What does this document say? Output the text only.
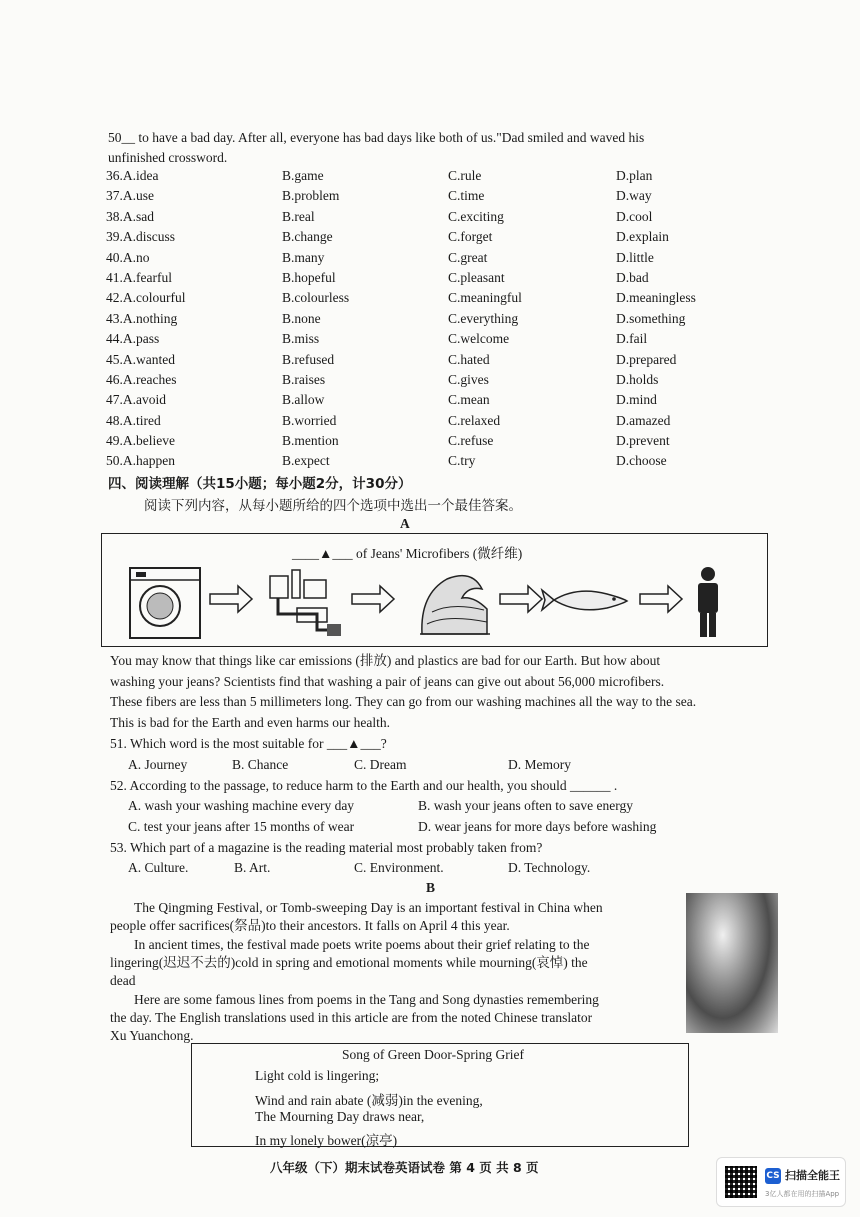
50__ to have a bad day. After all, everyone has bad days like both of us."Dad smiled and waved his
unfinished crossword.
36.A.idea	B.game	C.rule	D.plan
37.A.use	B.problem	C.time	D.way
38.A.sad	B.real	C.exciting	D.cool
39.A.discuss	B.change	C.forget	D.explain
40.A.no	B.many	C.great	D.little
41.A.fearful	B.hopeful	C.pleasant	D.bad
42.A.colourful	B.colourless	C.meaningful	D.meaningless
43.A.nothing	B.none	C.everything	D.something
44.A.pass	B.miss	C.welcome	D.fail
45.A.wanted	B.refused	C.hated	D.prepared
46.A.reaches	B.raises	C.gives	D.holds
47.A.avoid	B.allow	C.mean	D.mind
48.A.tired	B.worried	C.relaxed	D.amazed
49.A.believe	B.mention	C.refuse	D.prevent
50.A.happen	B.expect	C.try	D.choose
四、阅读理解（共15小题；每小题2分，计30分）
阅读下列内容，从每小题所给的四个选项中选出一个最佳答案。
A
____▲___ of Jeans' Microfibers (微纤维)
You may know that things like car emissions (排放) and plastics are bad for our Earth. But how about
washing your jeans? Scientists find that washing a pair of jeans can give out about 56,000 microfibers.
These fibers are less than 5 millimeters long. They can go from our washing machines all the way to the sea.
This is bad for the Earth and even harms our health.
51. Which word is the most suitable for ___▲___?
A. Journey	B. Chance	C. Dream	D. Memory
52. According to the passage, to reduce harm to the Earth and our health, you should ______ .
A. wash your washing machine every day	B. wash your jeans often to save energy
C. test your jeans after 15 months of wear	D. wear jeans for more days before washing
53. Which part of a magazine is the reading material most probably taken from?
A. Culture.	B. Art.	C. Environment.	D. Technology.
B
The Qingming Festival, or Tomb-sweeping Day is an important festival in China when
people offer sacrifices(祭品)to their ancestors. It falls on April 4 this year.
In ancient times, the festival made poets write poems about their grief relating to the
lingering(迟迟不去的)cold in spring and emotional moments while mourning(哀悼) the
dead
Here are some famous lines from poems in the Tang and Song dynasties remembering
the day. The English translations used in this article are from the noted Chinese translator
Xu Yuanchong.
Song of Green Door-Spring Grief
Light cold is lingering;
Wind and rain abate (减弱)in the evening,
The Mourning Day draws near,
In my lonely bower(凉亭)
八年级（下）期末试卷英语试卷 第 4 页 共 8 页
CS 扫描全能王
3亿人都在用的扫描App
